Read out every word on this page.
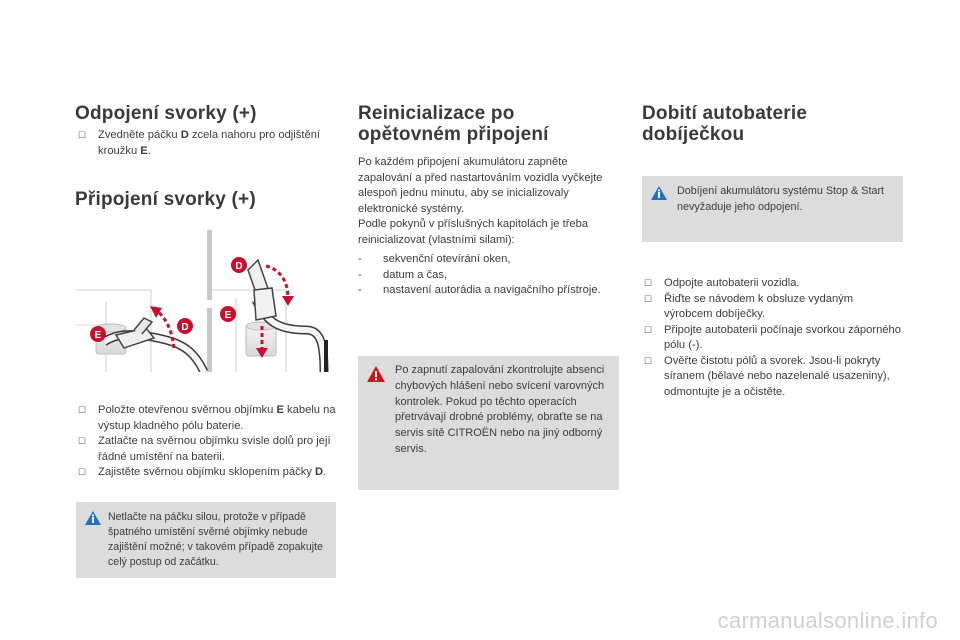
Odpojení svorky (+)
☐ Zvedněte páčku D zcela nahoru pro odjištění kroužku E.
Připojení svorky (+)
E
D
D
E
☐ Položte otevřenou svěrnou objímku E kabelu na výstup kladného pólu baterie.
☐ Zatlačte na svěrnou objímku svisle dolů pro její řádné umístění na baterii.
☐ Zajistěte svěrnou objímku sklopením páčky D.
Netlačte na páčku silou, protože v případě špatného umístění svěrné objímky nebude zajištění možné; v takovém případě zopakujte celý postup od začátku.
Reinicializace po opětovném připojení

Po každém připojení akumulátoru zapněte zapalování a před nastartováním vozidla vyčkejte alespoň jednu minutu, aby se inicializovaly elektronické systémy.

Podle pokynů v příslušných kapitolách je třeba reinicializovat (vlastními silami):

- sekvenční otevírání oken,
- datum a čas,
- nastavení autorádia a navigačního přístroje.
Po zapnutí zapalování zkontrolujte absenci chybových hlášení nebo svícení varovných kontrolek. Pokud po těchto operacích přetrvávají drobné problémy, obraťte se na servis sítě CITROËN nebo na jiný odborný servis.
Dobití autobaterie dobíječkou
Dobíjení akumulátoru systému Stop & Start nevyžaduje jeho odpojení.
☐ Odpojte autobaterii vozidla.
☐ Řiďte se návodem k obsluze vydaným výrobcem dobíječky.
☐ Připojte autobaterii počínaje svorkou záporného pólu (-).
☐ Ověřte čistotu pólů a svorek. Jsou-li pokryty síranem (bělavé nebo nazelenalé usazeniny), odmontujte je a očistěte.
carmanualsonline.info
